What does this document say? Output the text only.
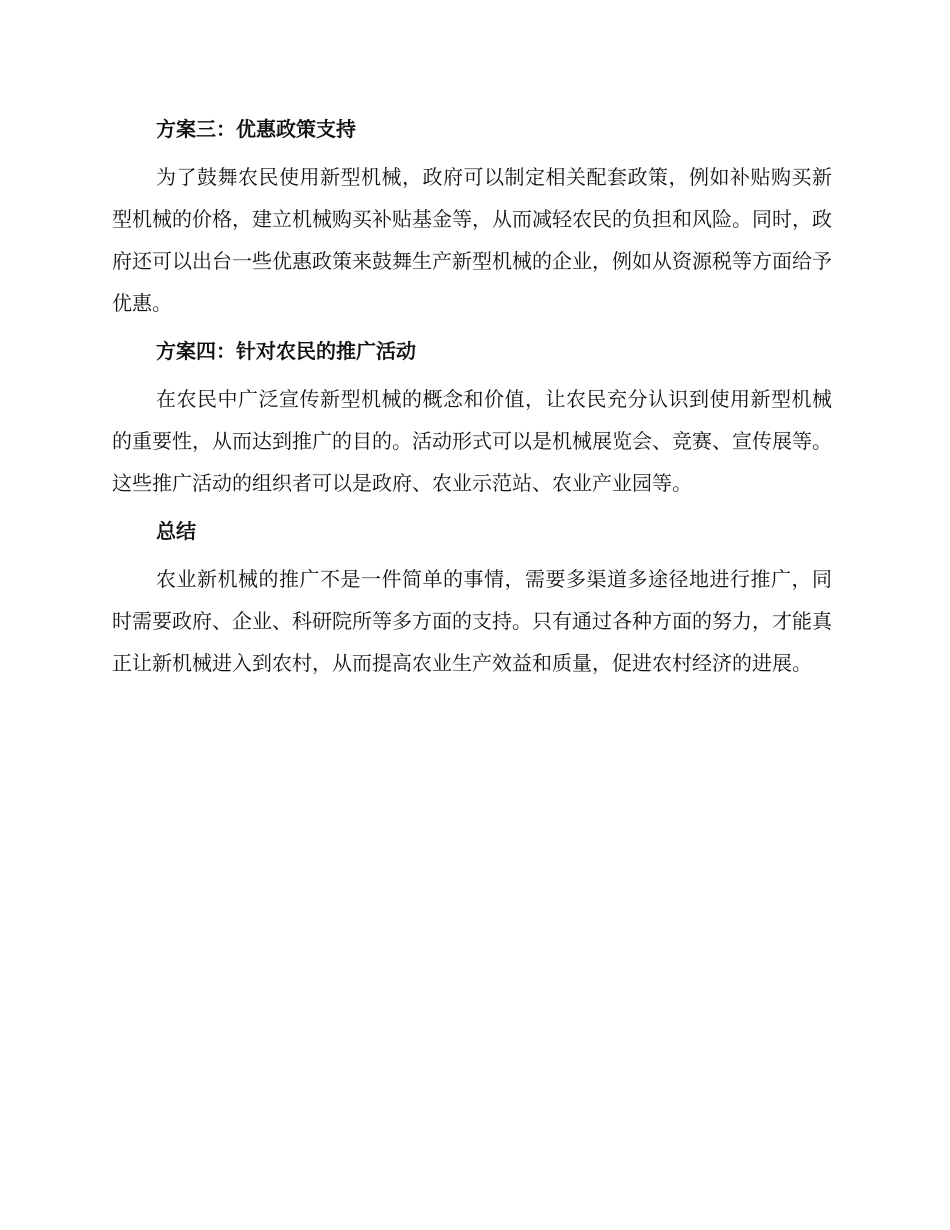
方案三：优惠政策支持

为了鼓舞农民使用新型机械，政府可以制定相关配套政策，例如补贴购买新型机械的价格，建立机械购买补贴基金等，从而减轻农民的负担和风险。同时，政府还可以出台一些优惠政策来鼓舞生产新型机械的企业，例如从资源税等方面给予优惠。

方案四：针对农民的推广活动

在农民中广泛宣传新型机械的概念和价值，让农民充分认识到使用新型机械的重要性，从而达到推广的目的。活动形式可以是机械展览会、竞赛、宣传展等。这些推广活动的组织者可以是政府、农业示范站、农业产业园等。

总结

农业新机械的推广不是一件简单的事情，需要多渠道多途径地进行推广，同时需要政府、企业、科研院所等多方面的支持。只有通过各种方面的努力，才能真正让新机械进入到农村，从而提高农业生产效益和质量，促进农村经济的进展。
